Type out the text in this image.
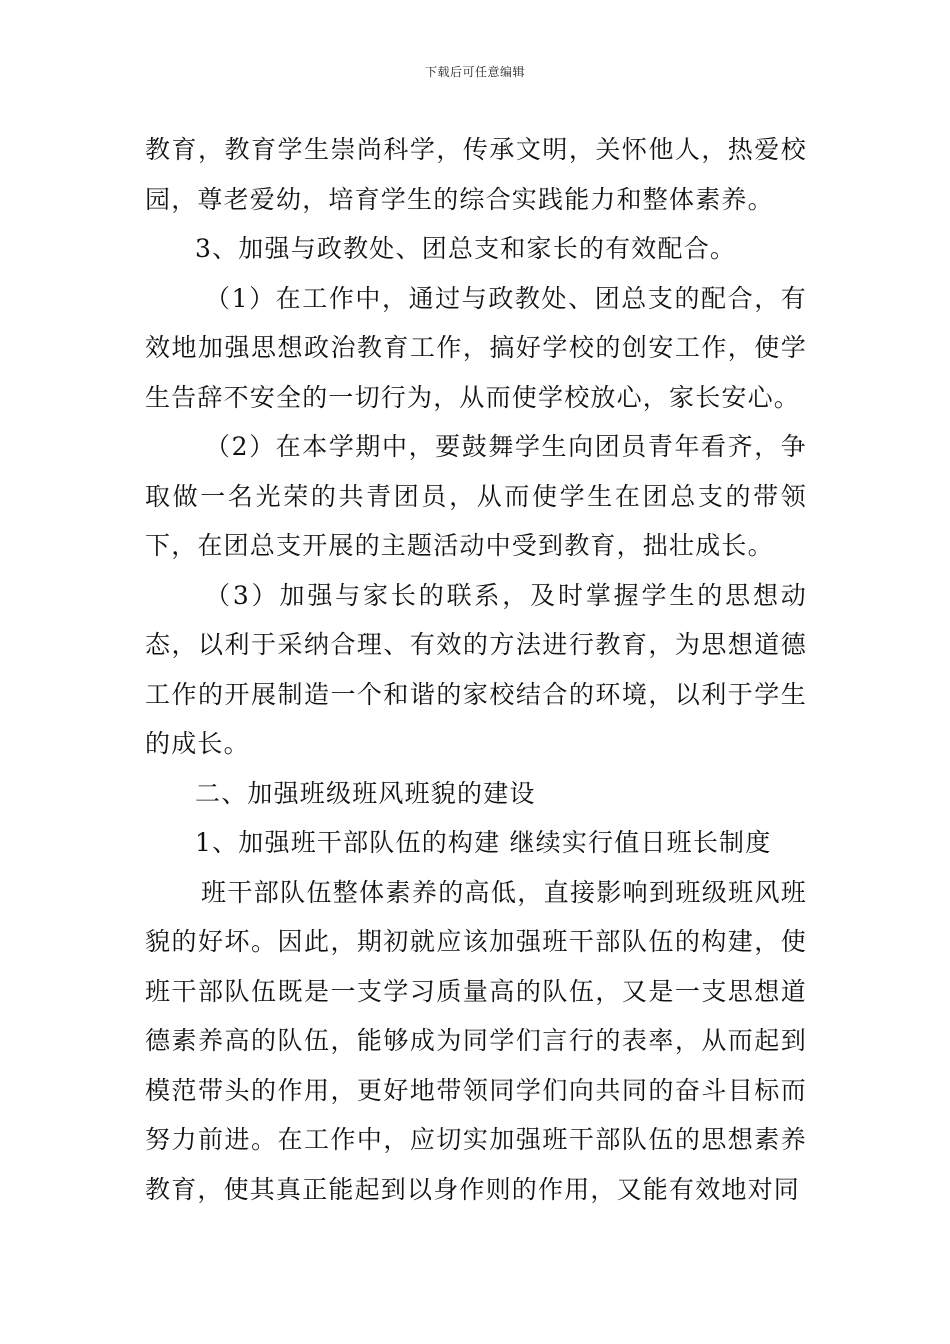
下载后可任意编辑

教育，教育学生崇尚科学，传承文明，关怀他人，热爱校园，尊老爱幼，培育学生的综合实践能力和整体素养。

3、加强与政教处、团总支和家长的有效配合。

（1）在工作中，通过与政教处、团总支的配合，有效地加强思想政治教育工作，搞好学校的创安工作，使学生告辞不安全的一切行为，从而使学校放心，家长安心。

（2）在本学期中，要鼓舞学生向团员青年看齐，争取做一名光荣的共青团员，从而使学生在团总支的带领下，在团总支开展的主题活动中受到教育，拙壮成长。

（3）加强与家长的联系，及时掌握学生的思想动态，以利于采纳合理、有效的方法进行教育，为思想道德工作的开展制造一个和谐的家校结合的环境，以利于学生的成长。

二、加强班级班风班貌的建设

1、加强班干部队伍的构建 继续实行值日班长制度

班干部队伍整体素养的高低，直接影响到班级班风班貌的好坏。因此，期初就应该加强班干部队伍的构建，使班干部队伍既是一支学习质量高的队伍，又是一支思想道德素养高的队伍，能够成为同学们言行的表率，从而起到模范带头的作用，更好地带领同学们向共同的奋斗目标而努力前进。在工作中，应切实加强班干部队伍的思想素养教育，使其真正能起到以身作则的作用，又能有效地对同
